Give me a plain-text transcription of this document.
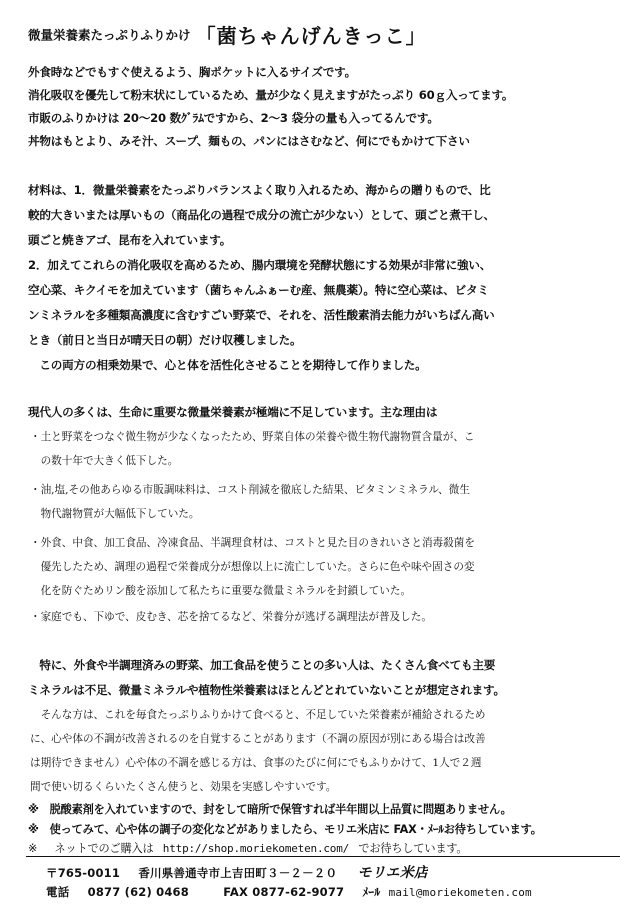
微量栄養素たっぷりふりかけ 「菌ちゃんげんきっこ」
外食時などでもすぐ使えるよう、胸ポケットに入るサイズです。
消化吸収を優先して粉末状にしているため、量が少なく見えますがたっぷり 60ｇ入ってます。
市販のふりかけは 20～20 数ｸﾞﾗﾑですから、2～3 袋分の量も入ってるんです。
丼物はもとより、みそ汁、スープ、麺もの、パンにはさむなど、何にでもかけて下さい
材料は、1．微量栄養素をたっぷりバランスよく取り入れるため、海からの贈りもので、比
較的大きいまたは厚いもの（商品化の過程で成分の流亡が少ない）として、頭ごと煮干し、
頭ごと焼きアゴ、昆布を入れています。
2．加えてこれらの消化吸収を高めるため、腸内環境を発酵状態にする効果が非常に強い、
空心菜、キクイモを加えています（菌ちゃんふぁーむ産、無農薬）。特に空心菜は、ビタミ
ンミネラルを多種類高濃度に含むすごい野菜で、それを、活性酸素消去能力がいちばん高い
とき（前日と当日が晴天日の朝）だけ収穫しました。
　この両方の相乗効果で、心と体を活性化させることを期待して作りました。
現代人の多くは、生命に重要な微量栄養素が極端に不足しています。主な理由は
・土と野菜をつなぐ微生物が少なくなったため、野菜自体の栄養や微生物代謝物質含量が、こ
　の数十年で大きく低下した。
・油,塩,その他あらゆる市販調味料は、コスト削減を徹底した結果、ビタミンミネラル、微生
　物代謝物質が大幅低下していた。
・外食、中食、加工食品、冷凍食品、半調理食材は、コストと見た目のきれいさと消毒殺菌を
　優先したため、調理の過程で栄養成分が想像以上に流亡していた。さらに色や味や固さの変
　化を防ぐためリン酸を添加して私たちに重要な微量ミネラルを封鎖していた。
・家庭でも、下ゆで、皮むき、芯を捨てるなど、栄養分が逃げる調理法が普及した。
　特に、外食や半調理済みの野菜、加工食品を使うことの多い人は、たくさん食べても主要
ミネラルは不足、微量ミネラルや植物性栄養素はほとんどとれていないことが想定されます。
　そんな方は、これを毎食たっぷりふりかけて食べると、不足していた栄養素が補給されるため
に、心や体の不調が改善されるのを自覚することがあります（不調の原因が別にある場合は改善
は期待できません）心や体の不調を感じる方は、食事のたびに何にでもふりかけて、1人で２週
間で使い切るくらいたくさん使うと、効果を実感しやすいです。
※　脱酸素剤を入れていますので、封をして暗所で保管すれば半年間以上品質に問題ありません。
※　使ってみて、心や体の調子の変化などがありましたら、モリエ米店に FAX・ﾒｰﾙお待ちしています。
※ ネットでのご購入は http://shop.moriekometen.com/ でお待ちしています。
〒765-0011 香川県善通寺市上吉田町３－２－２０ モリエ米店
電話 0877 (62) 0468	FAX 0877-62-9077 ﾒｰﾙ mail@moriekometen.com
